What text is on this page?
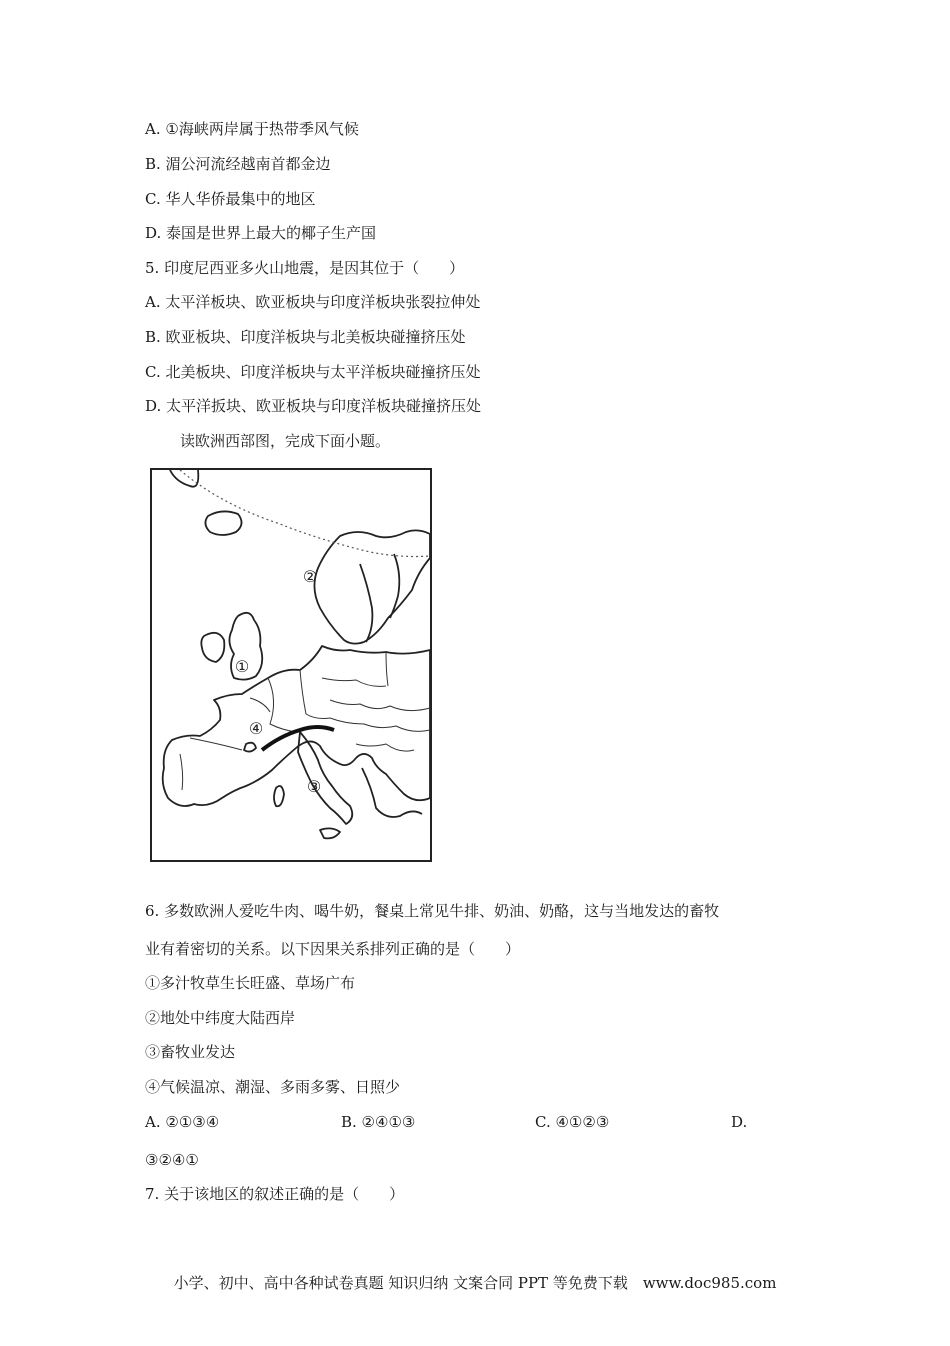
A. ①海峡两岸属于热带季风气候
B. 湄公河流经越南首都金边
C. 华人华侨最集中的地区
D. 泰国是世界上最大的椰子生产国
5. 印度尼西亚多火山地震，是因其位于（　　）
A. 太平洋板块、欧亚板块与印度洋板块张裂拉伸处
B. 欧亚板块、印度洋板块与北美板块碰撞挤压处
C. 北美板块、印度洋板块与太平洋板块碰撞挤压处
D. 太平洋扳块、欧亚板块与印度洋板块碰撞挤压处
读欧洲西部图，完成下面小题。
①
②
③
④
6. 多数欧洲人爱吃牛肉、喝牛奶，餐桌上常见牛排、奶油、奶酪，这与当地发达的畜牧
业有着密切的关系。以下因果关系排列正确的是（　　）
①多汁牧草生长旺盛、草场广布
②地处中纬度大陆西岸
③畜牧业发达
④气候温凉、潮湿、多雨多雾、日照少
A. ②①③④	B. ②④①③	C. ④①②③	D.
③②④①
7. 关于该地区的叙述正确的是（　　）
小学、初中、高中各种试卷真题 知识归纳 文案合同 PPT 等免费下载　www.doc985.com
